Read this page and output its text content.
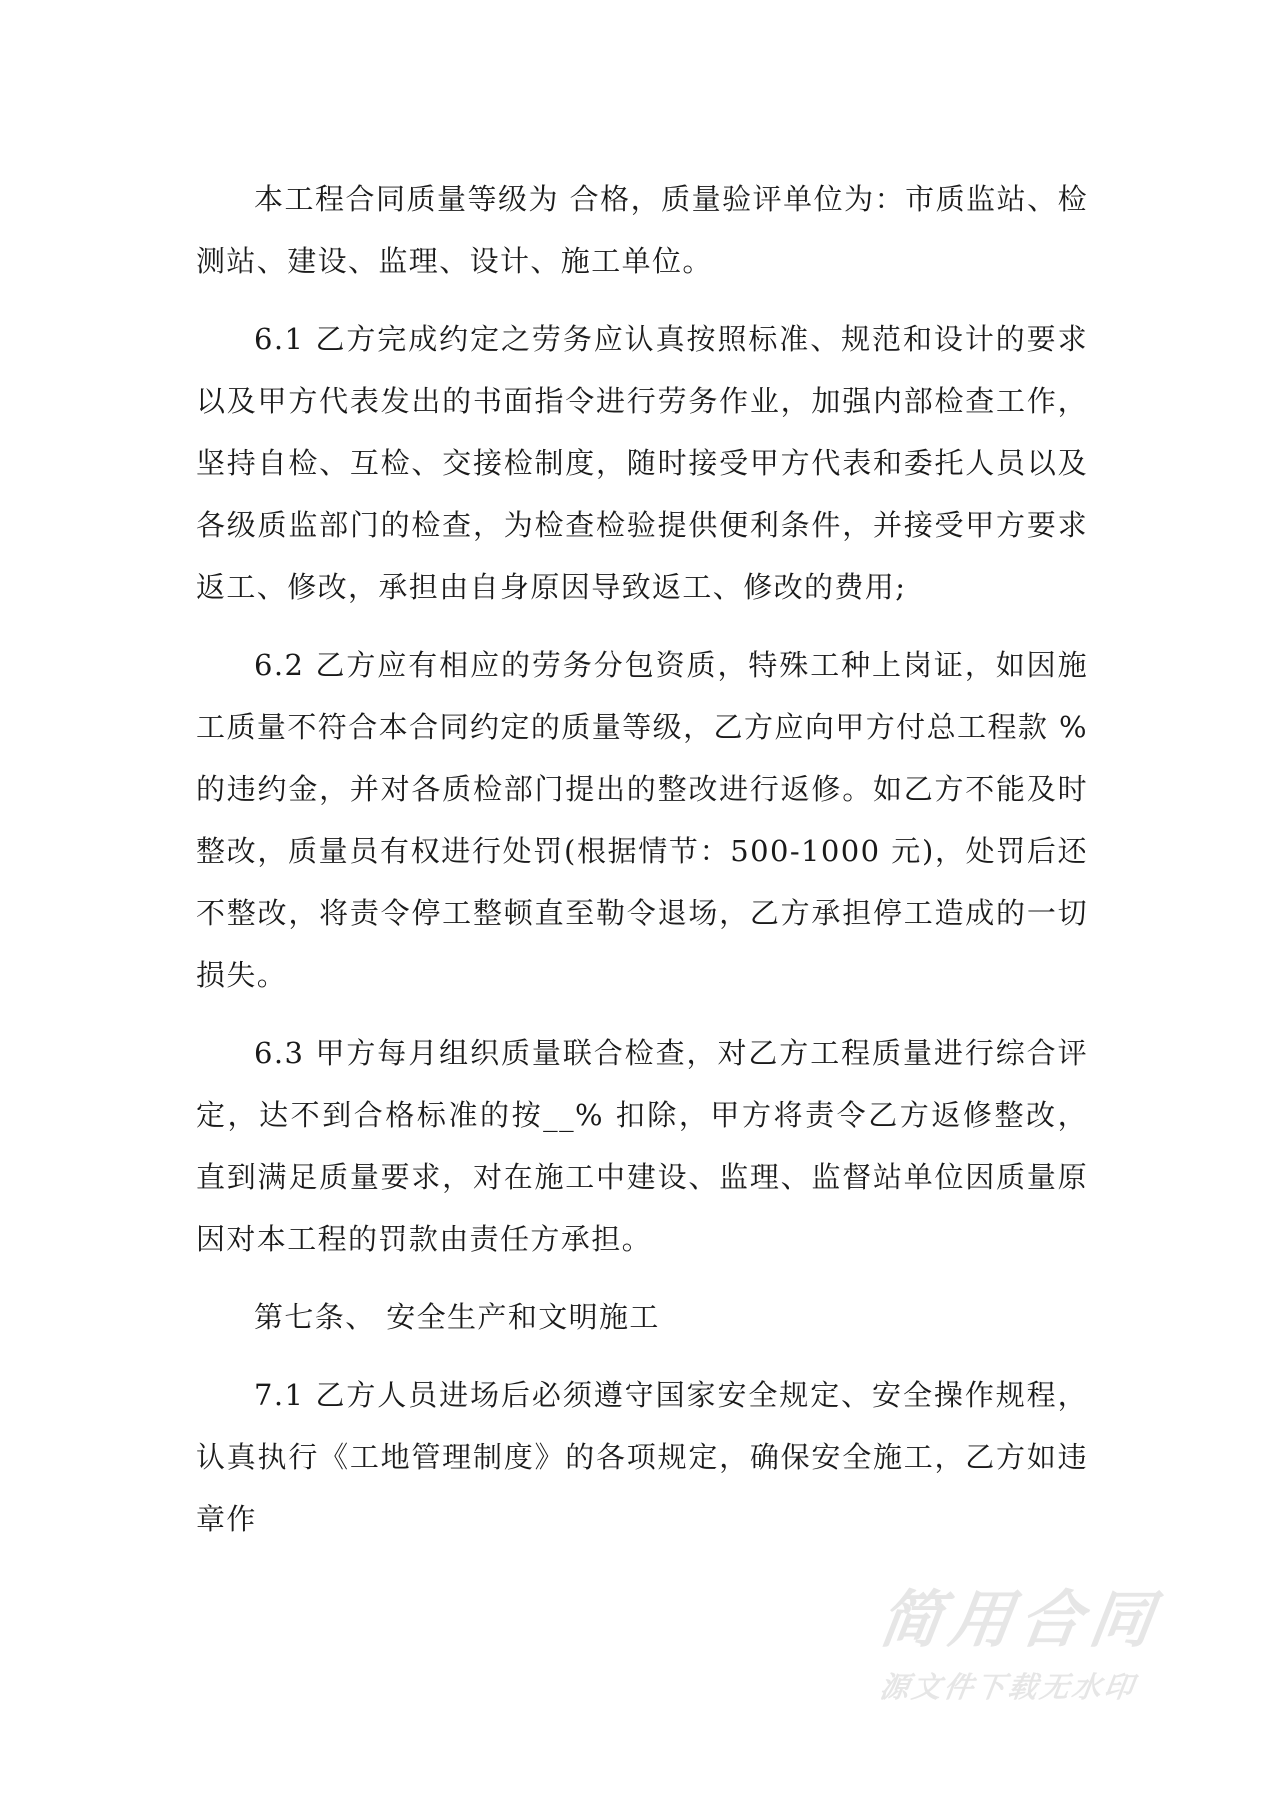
本工程合同质量等级为 合格，质量验评单位为：市质监站、检测站、建设、监理、设计、施工单位。

6.1 乙方完成约定之劳务应认真按照标准、规范和设计的要求以及甲方代表发出的书面指令进行劳务作业，加强内部检查工作，坚持自检、互检、交接检制度，随时接受甲方代表和委托人员以及各级质监部门的检查，为检查检验提供便利条件，并接受甲方要求返工、修改，承担由自身原因导致返工、修改的费用;

6.2 乙方应有相应的劳务分包资质，特殊工种上岗证，如因施工质量不符合本合同约定的质量等级，乙方应向甲方付总工程款 %的违约金，并对各质检部门提出的整改进行返修。如乙方不能及时整改，质量员有权进行处罚(根据情节：500-1000 元)，处罚后还不整改，将责令停工整顿直至勒令退场，乙方承担停工造成的一切损失。

6.3 甲方每月组织质量联合检查，对乙方工程质量进行综合评定，达不到合格标准的按__% 扣除，甲方将责令乙方返修整改，直到满足质量要求，对在施工中建设、监理、监督站单位因质量原因对本工程的罚款由责任方承担。

第七条、 安全生产和文明施工

7.1 乙方人员进场后必须遵守国家安全规定、安全操作规程，认真执行《工地管理制度》的各项规定，确保安全施工，乙方如违章作

简用合同
源文件下载无水印
